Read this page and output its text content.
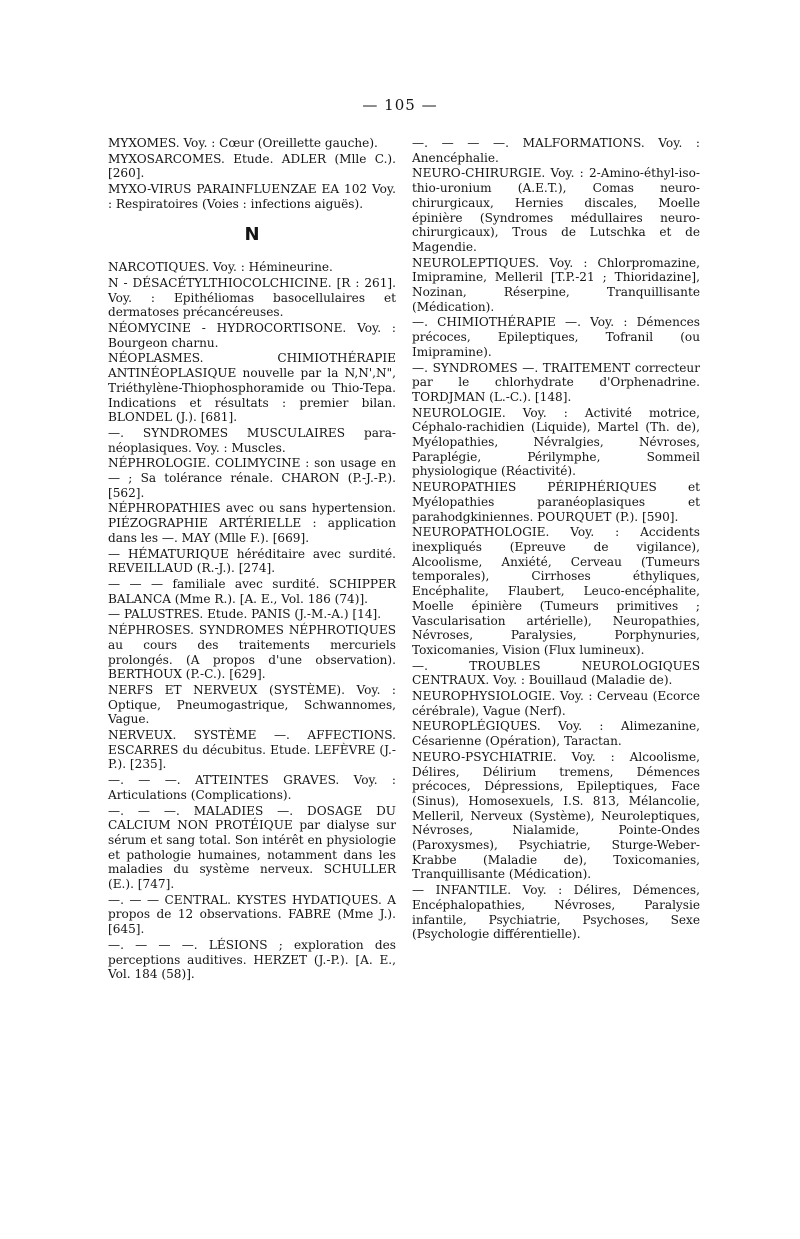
— 105 —
MYXOMES. Voy. : Cœur (Oreillette gauche).
MYXOSARCOMES. Etude. ADLER (Mlle C.). [260].
MYXO-VIRUS PARAINFLUENZAE EA 102 Voy. : Respiratoires (Voies : infections aiguës).
N
NARCOTIQUES. Voy. : Hémineurine.
N - DÉSACÉTYLTHIOCOLCHICINE. [R : 261]. Voy. : Epithéliomas basocellulaires et dermatoses précancéreuses.
NÉOMYCINE - HYDROCORTISONE. Voy. : Bourgeon charnu.
NÉOPLASMES. CHIMIOTHÉRAPIE ANTINÉOPLASIQUE nouvelle par la N,N',N", Triéthylène-Thiophosphoramide ou Thio-Tepa. Indications et résultats : premier bilan. BLONDEL (J.). [681].
—. SYNDROMES MUSCULAIRES para-néoplasiques. Voy. : Muscles.
NÉPHROLOGIE. COLIMYCINE : son usage en — ; Sa tolérance rénale. CHARON (P.-J.-P.). [562].
NÉPHROPATHIES avec ou sans hypertension. PIÉZOGRAPHIE ARTÉRIELLE : application dans les —. MAY (Mlle F.). [669].
— HÉMATURIQUE héréditaire avec surdité. REVEILLAUD (R.-J.). [274].
— — — familiale avec surdité. SCHIPPER BALANCA (Mme R.). [A. E., Vol. 186 (74)].
— PALUSTRES. Etude. PANIS (J.-M.-A.) [14].
NÉPHROSES. SYNDROMES NÉPHROTIQUES au cours des traitements mercuriels prolongés. (A propos d'une observation). BERTHOUX (P.-C.). [629].
NERFS ET NERVEUX (SYSTÈME). Voy. : Optique, Pneumogastrique, Schwannomes, Vague.
NERVEUX. SYSTÈME —. AFFECTIONS. ESCARRES du décubitus. Etude. LEFÈVRE (J.-P.). [235].
—. — —. ATTEINTES GRAVES. Voy. : Articulations (Complications).
—. — —. MALADIES —. DOSAGE DU CALCIUM NON PROTÉIQUE par dialyse sur sérum et sang total. Son intérêt en physiologie et pathologie humaines, notamment dans les maladies du système nerveux. SCHULLER (E.). [747].
—. — — CENTRAL. KYSTES HYDATIQUES. A propos de 12 observations. FABRE (Mme J.). [645].
—. — — —. LÉSIONS ; exploration des perceptions auditives. HERZET (J.-P.). [A. E., Vol. 184 (58)].
—. — — —. MALFORMATIONS. Voy. : Anencéphalie.
NEURO-CHIRURGIE. Voy. : 2-Amino-éthyl-iso-thio-uronium (A.E.T.), Comas neuro-chirurgicaux, Hernies discales, Moelle épinière (Syndromes médullaires neuro-chirurgicaux), Trous de Lutschka et de Magendie.
NEUROLEPTIQUES. Voy. : Chlorpromazine, Imipramine, Melleril [T.P.-21 ; Thioridazine], Nozinan, Réserpine, Tranquillisante (Médication).
—. CHIMIOTHÉRAPIE —. Voy. : Démences précoces, Epileptiques, Tofranil (ou Imipramine).
—. SYNDROMES —. TRAITEMENT correcteur par le chlorhydrate d'Orphenadrine. TORDJMAN (L.-C.). [148].
NEUROLOGIE. Voy. : Activité motrice, Céphalo-rachidien (Liquide), Martel (Th. de), Myélopathies, Névralgies, Névroses, Paraplégie, Périlymphe, Sommeil physiologique (Réactivité).
NEUROPATHIES PÉRIPHÉRIQUES et Myélopathies paranéoplasiques et parahodgkiniennes. POURQUET (P.). [590].
NEUROPATHOLOGIE. Voy. : Accidents inexpliqués (Epreuve de vigilance), Alcoolisme, Anxiété, Cerveau (Tumeurs temporales), Cirrhoses éthyliques, Encéphalite, Flaubert, Leuco-encéphalite, Moelle épinière (Tumeurs primitives ; Vascularisation artérielle), Neuropathies, Névroses, Paralysies, Porphynuries, Toxicomanies, Vision (Flux lumineux).
—. TROUBLES NEUROLOGIQUES CENTRAUX. Voy. : Bouillaud (Maladie de).
NEUROPHYSIOLOGIE. Voy. : Cerveau (Ecorce cérébrale), Vague (Nerf).
NEUROPLÉGIQUES. Voy. : Alimezanine, Césarienne (Opération), Taractan.
NEURO-PSYCHIATRIE. Voy. : Alcoolisme, Délires, Délirium tremens, Démences précoces, Dépressions, Epileptiques, Face (Sinus), Homosexuels, I.S. 813, Mélancolie, Melleril, Nerveux (Système), Neuroleptiques, Névroses, Nialamide, Pointe-Ondes (Paroxysmes), Psychiatrie, Sturge-Weber-Krabbe (Maladie de), Toxicomanies, Tranquillisante (Médication).
— INFANTILE. Voy. : Délires, Démences, Encéphalopathies, Névroses, Paralysie infantile, Psychiatrie, Psychoses, Sexe (Psychologie différentielle).
